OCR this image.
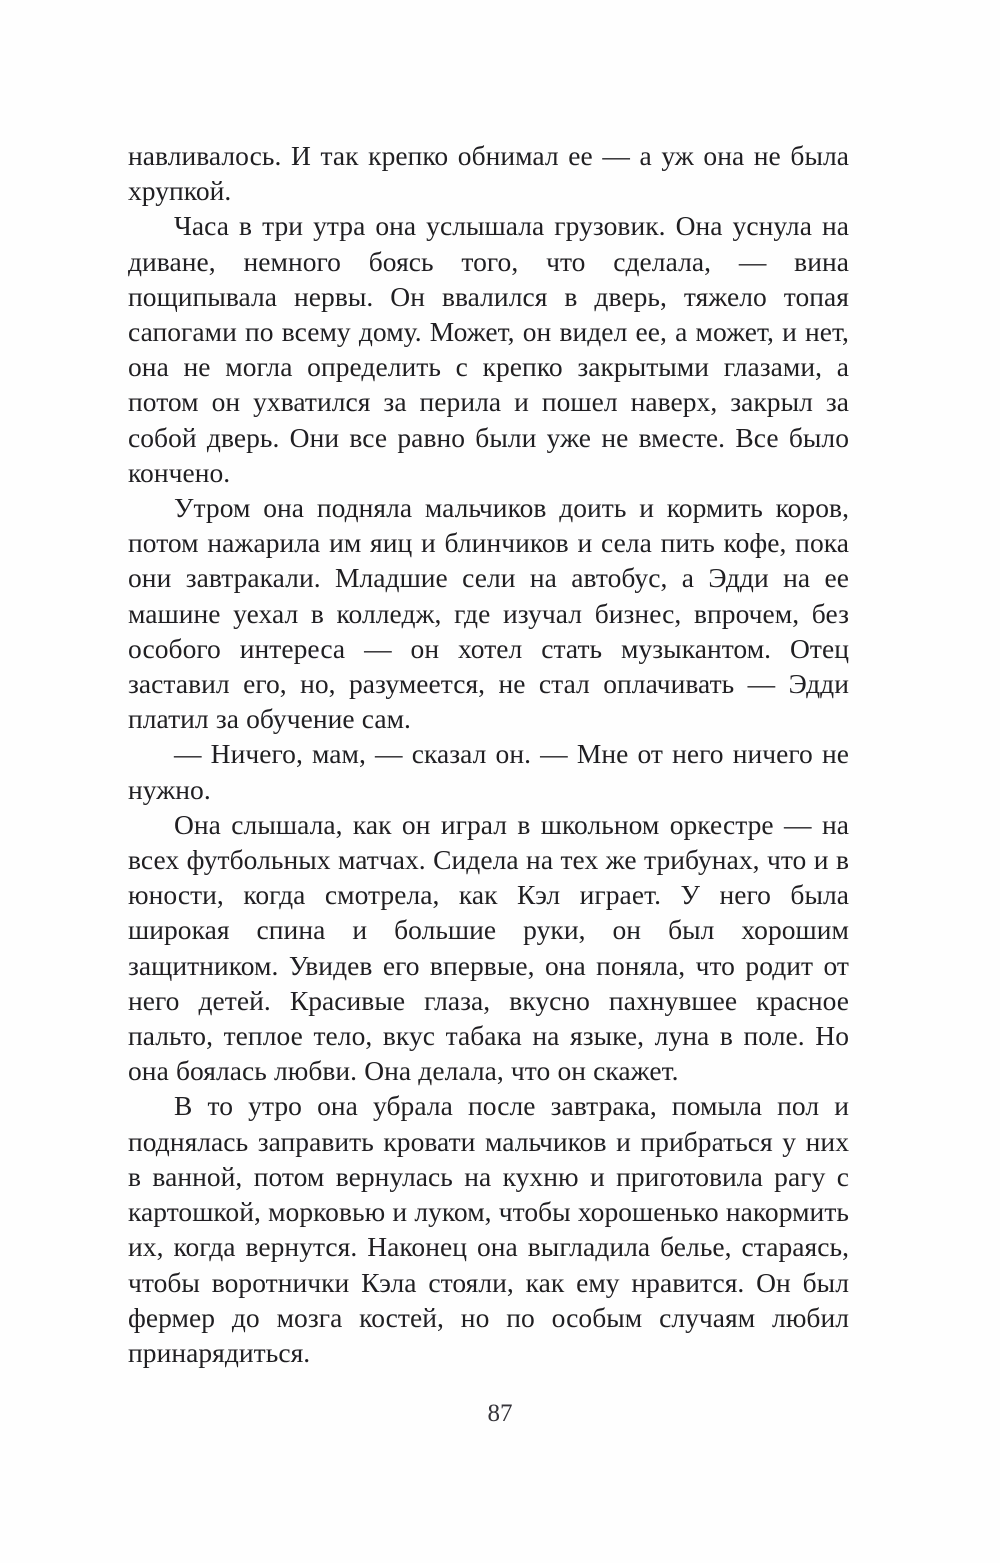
навливалось. И так крепко обнимал ее — а уж она не была хрупкой.

Часа в три утра она услышала грузовик. Она уснула на диване, немного боясь того, что сделала, — вина пощипывала нервы. Он ввалился в дверь, тяжело топая сапогами по всему дому. Может, он видел ее, а может, и нет, она не могла определить с крепко закрытыми глазами, а потом он ухватился за перила и пошел наверх, закрыл за собой дверь. Они все равно были уже не вместе. Все было кончено.

Утром она подняла мальчиков доить и кормить коров, потом нажарила им яиц и блинчиков и села пить кофе, пока они завтракали. Младшие сели на автобус, а Эдди на ее машине уехал в колледж, где изучал бизнес, впрочем, без особого интереса — он хотел стать музыкантом. Отец заставил его, но, разумеется, не стал оплачивать — Эдди платил за обучение сам.

— Ничего, мам, — сказал он. — Мне от него ничего не нужно.

Она слышала, как он играл в школьном оркестре — на всех футбольных матчах. Сидела на тех же трибунах, что и в юности, когда смотрела, как Кэл играет. У него была широкая спина и большие руки, он был хорошим защитником. Увидев его впервые, она поняла, что родит от него детей. Красивые глаза, вкусно пахнувшее красное пальто, теплое тело, вкус табака на языке, луна в поле. Но она боялась любви. Она делала, что он скажет.

В то утро она убрала после завтрака, помыла пол и поднялась заправить кровати мальчиков и прибраться у них в ванной, потом вернулась на кухню и приготовила рагу с картошкой, морковью и луком, чтобы хорошенько накормить их, когда вернутся. Наконец она выгладила белье, стараясь, чтобы воротнички Кэла стояли, как ему нравится. Он был фермер до мозга костей, но по особым случаям любил принарядиться.

87
